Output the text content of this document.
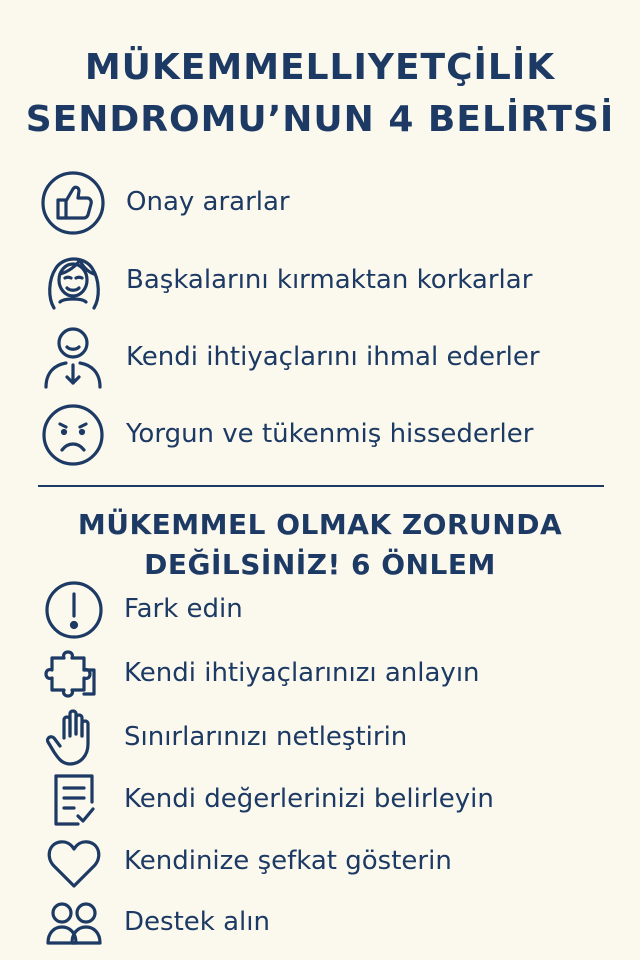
MÜKEMMELLIYETÇİLİK
SENDROMU’NUN 4 BELİRTSİ
Onay ararlar
Başkalarını kırmaktan korkarlar
Kendi ihtiyaçlarını ihmal ederler
Yorgun ve tükenmiş hissederler
MÜKEMMEL OLMAK ZORUNDA
DEĞİLSİNİZ! 6 ÖNLEM
Fark edin
Kendi ihtiyaçlarınızı anlayın
Sınırlarınızı netleştirin
Kendi değerlerinizi belirleyin
Kendinize şefkat gösterin
Destek alın
